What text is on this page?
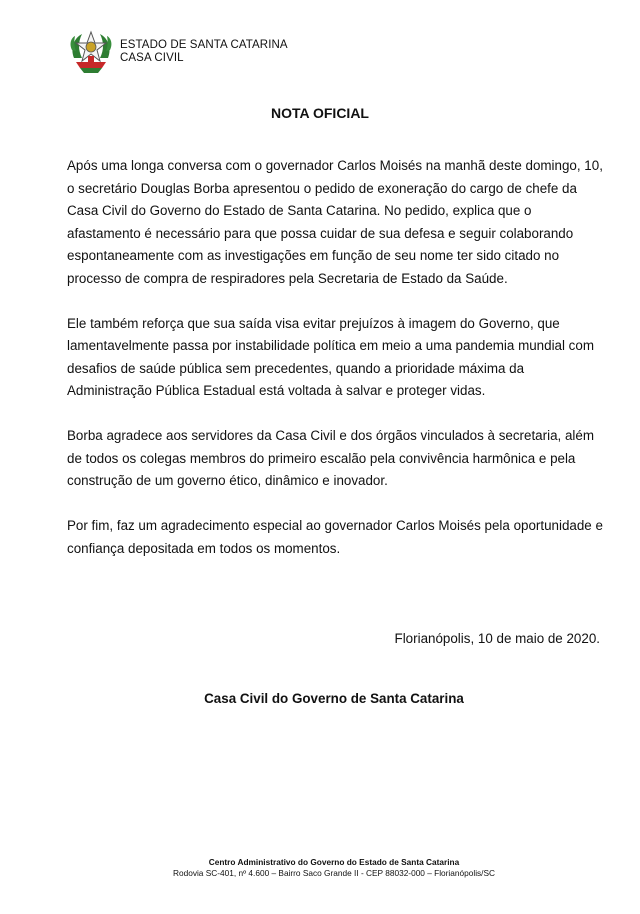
ESTADO DE SANTA CATARINA
CASA CIVIL
NOTA OFICIAL

Após uma longa conversa com o governador Carlos Moisés na manhã deste domingo, 10, o secretário Douglas Borba apresentou o pedido de exoneração do cargo de chefe da Casa Civil do Governo do Estado de Santa Catarina. No pedido, explica que o afastamento é necessário para que possa cuidar de sua defesa e seguir colaborando espontaneamente com as investigações em função de seu nome ter sido citado no processo de compra de respiradores pela Secretaria de Estado da Saúde.

Ele também reforça que sua saída visa evitar prejuízos à imagem do Governo, que lamentavelmente passa por instabilidade política em meio a uma pandemia mundial com desafios de saúde pública sem precedentes, quando a prioridade máxima da Administração Pública Estadual está voltada à salvar e proteger vidas.

Borba agradece aos servidores da Casa Civil e dos órgãos vinculados à secretaria, além de todos os colegas membros do primeiro escalão pela convivência harmônica e pela construção de um governo ético, dinâmico e inovador.

Por fim, faz um agradecimento especial ao governador Carlos Moisés pela oportunidade e confiança depositada em todos os momentos.

Florianópolis, 10 de maio de 2020.
Casa Civil do Governo de Santa Catarina
Centro Administrativo do Governo do Estado de Santa Catarina
Rodovia SC-401, nº 4.600 – Bairro Saco Grande II - CEP 88032-000 – Florianópolis/SC
